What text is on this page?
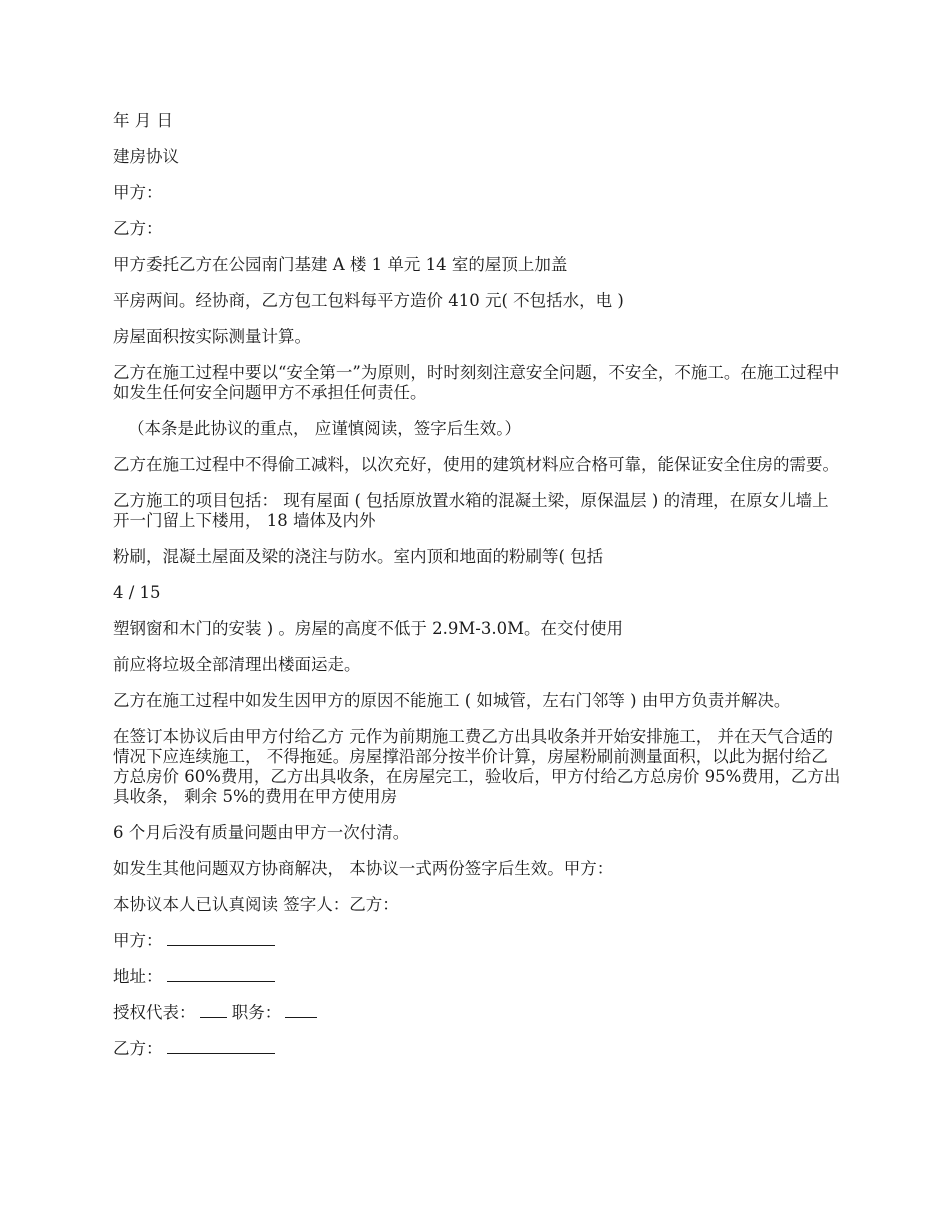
年 月 日

建房协议

甲方：

乙方：

甲方委托乙方在公园南门基建 A 楼 1 单元 14 室的屋顶上加盖

平房两间。经协商，乙方包工包料每平方造价 410 元( 不包括水，电 )

房屋面积按实际测量计算。

乙方在施工过程中要以“安全第一”为原则，时时刻刻注意安全问题，不安全，不施工。在施工过程中如发生任何安全问题甲方不承担任何责任。

（本条是此协议的重点， 应谨慎阅读，签字后生效。）

乙方在施工过程中不得偷工减料，以次充好，使用的建筑材料应合格可靠，能保证安全住房的需要。

乙方施工的项目包括： 现有屋面 ( 包括原放置水箱的混凝土梁，原保温层 ) 的清理，在原女儿墙上开一门留上下楼用， 18 墙体及内外

粉刷，混凝土屋面及梁的浇注与防水。室内顶和地面的粉刷等( 包括

4 / 15

塑钢窗和木门的安装 ) 。房屋的高度不低于 2.9M-3.0M。在交付使用

前应将垃圾全部清理出楼面运走。

乙方在施工过程中如发生因甲方的原因不能施工 ( 如城管，左右门邻等 ) 由甲方负责并解决。

在签订本协议后由甲方付给乙方 元作为前期施工费乙方出具收条并开始安排施工， 并在天气合适的情况下应连续施工， 不得拖延。房屋撑沿部分按半价计算，房屋粉刷前测量面积，以此为据付给乙方总房价 60%费用，乙方出具收条，在房屋完工，验收后，甲方付给乙方总房价 95%费用，乙方出具收条， 剩余 5%的费用在甲方使用房

6 个月后没有质量问题由甲方一次付清。

如发生其他问题双方协商解决， 本协议一式两份签字后生效。甲方：

本协议本人已认真阅读 签字人：乙方：

甲方：

地址：

授权代表： 职务：

乙方：
